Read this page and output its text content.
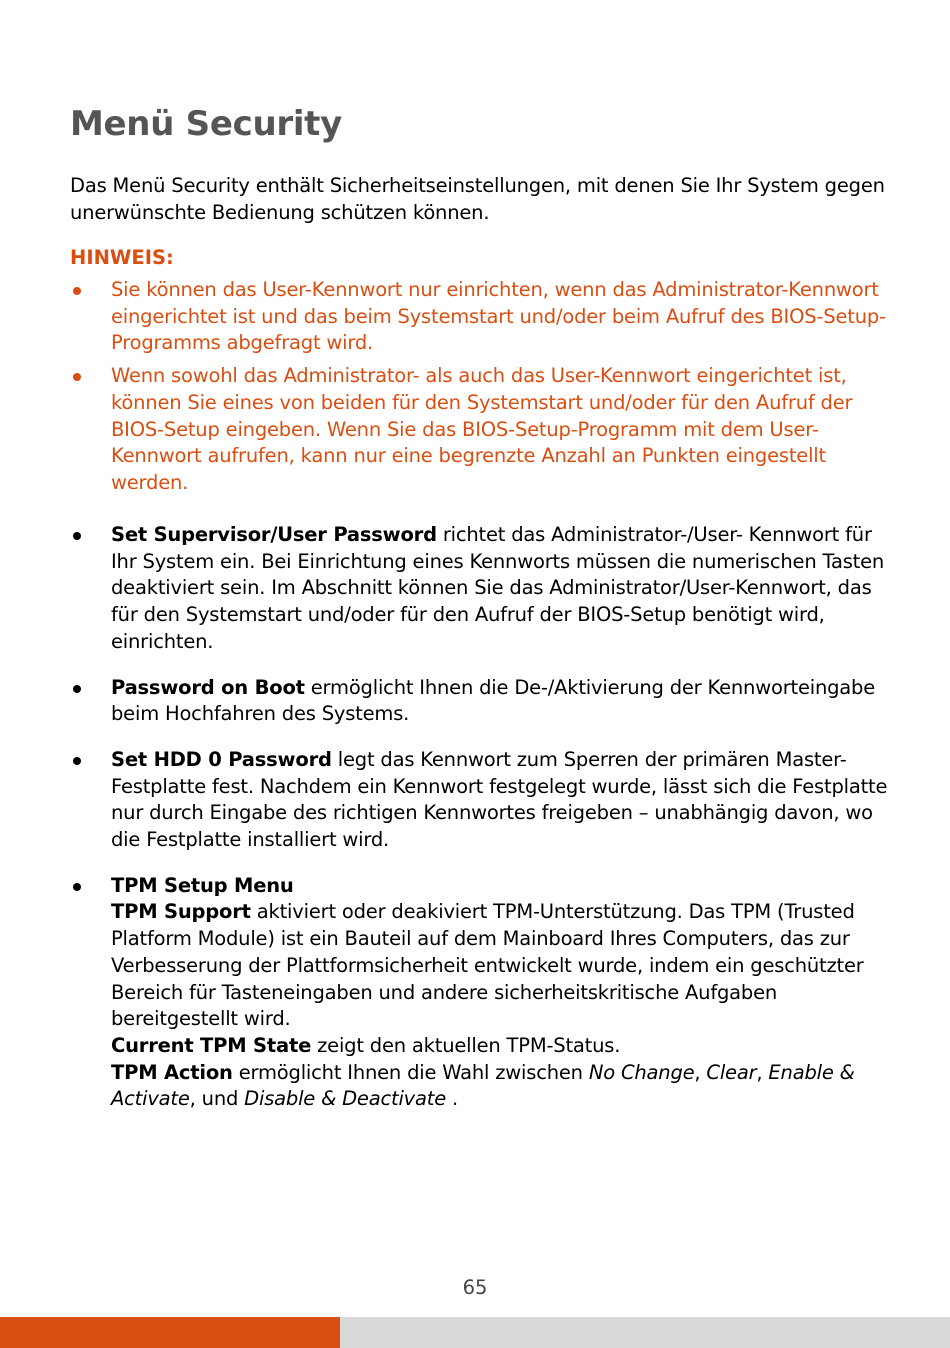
Menü Security

Das Menü Security enthält Sicherheitseinstellungen, mit denen Sie Ihr System gegen unerwünschte Bedienung schützen können.

HINWEIS:
Sie können das User-Kennwort nur einrichten, wenn das Administrator-Kennwort eingerichtet ist und das beim Systemstart und/oder beim Aufruf des BIOS-Setup-Programms abgefragt wird.
Wenn sowohl das Administrator- als auch das User-Kennwort eingerichtet ist, können Sie eines von beiden für den Systemstart und/oder für den Aufruf der BIOS-Setup eingeben. Wenn Sie das BIOS-Setup-Programm mit dem User-Kennwort aufrufen, kann nur eine begrenzte Anzahl an Punkten eingestellt werden.
Set Supervisor/User Password richtet das Administrator-/User- Kennwort für Ihr System ein. Bei Einrichtung eines Kennworts müssen die numerischen Tasten deaktiviert sein. Im Abschnitt können Sie das Administrator/User-Kennwort, das für den Systemstart und/oder für den Aufruf der BIOS-Setup benötigt wird, einrichten.
Password on Boot ermöglicht Ihnen die De-/Aktivierung der Kennworteingabe beim Hochfahren des Systems.
Set HDD 0 Password legt das Kennwort zum Sperren der primären Master-Festplatte fest. Nachdem ein Kennwort festgelegt wurde, lässt sich die Festplatte nur durch Eingabe des richtigen Kennwortes freigeben – unabhängig davon, wo die Festplatte installiert wird.
TPM Setup Menu
TPM Support aktiviert oder deakiviert TPM-Unterstützung. Das TPM (Trusted Platform Module) ist ein Bauteil auf dem Mainboard Ihres Computers, das zur Verbesserung der Plattformsicherheit entwickelt wurde, indem ein geschützter Bereich für Tasteneingaben und andere sicherheitskritische Aufgaben bereitgestellt wird.
Current TPM State zeigt den aktuellen TPM-Status.
TPM Action ermöglicht Ihnen die Wahl zwischen No Change, Clear, Enable & Activate, und Disable & Deactivate .
65
